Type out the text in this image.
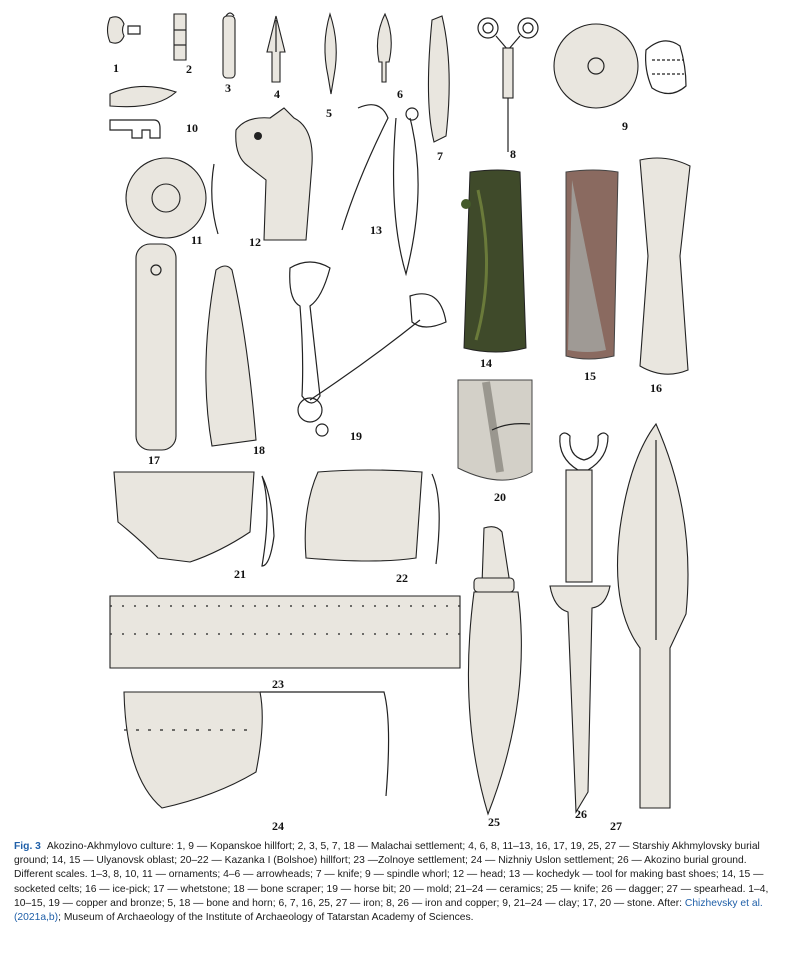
1	2
3	4
5
6
7	8
9
10
11	12
13
14
15
16
17
18
19
20
21	22
23
24	25
26
27
Fig. 3 Akozino-Akhmylovo culture: 1, 9 — Kopanskoe hillfort; 2, 3, 5, 7, 18 — Malachai settlement; 4, 6, 8, 11–13, 16, 17, 19, 25, 27 — Starshiy Akhmylovsky burial ground; 14, 15 — Ulyanovsk oblast; 20–22 — Kazanka I (Bolshoe) hillfort; 23 —Zolnoye settlement; 24 — Nizhniy Uslon settlement; 26 — Akozino burial ground. Different scales. 1–3, 8, 10, 11 — ornaments; 4–6 — arrowheads; 7 — knife; 9 — spindle whorl; 12 — head; 13 — kochedyk — tool for making bast shoes; 14, 15 — socketed celts; 16 — ice-pick; 17 — whetstone; 18 — bone scraper; 19 — horse bit; 20 — mold; 21–24 — ceramics; 25 — knife; 26 — dagger; 27 — spearhead. 1–4, 10–15, 19 — copper and bronze; 5, 18 — bone and horn; 6, 7, 16, 25, 27 — iron; 8, 26 — iron and copper; 9, 21–24 — clay; 17, 20 — stone. After: Chizhevsky et al. (2021a,b); Museum of Archaeology of the Institute of Archaeology of Tatarstan Academy of Sciences.
